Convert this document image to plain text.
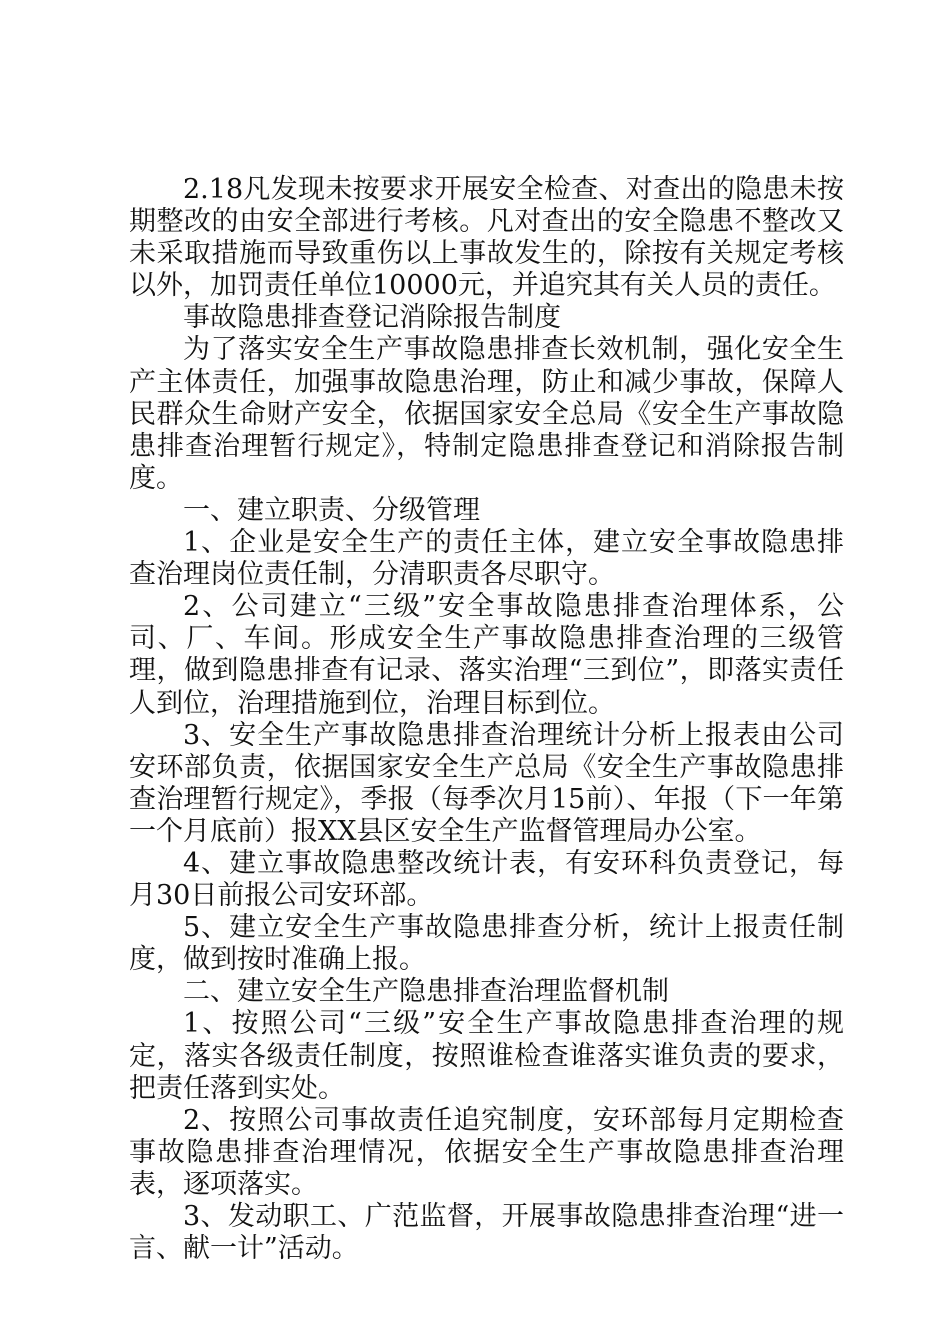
2.18凡发现未按要求开展安全检查、对查出的隐患未按期整改的由安全部进行考核。凡对查出的安全隐患不整改又未采取措施而导致重伤以上事故发生的，除按有关规定考核以外，加罚责任单位10000元，并追究其有关人员的责任。

事故隐患排查登记消除报告制度

为了落实安全生产事故隐患排查长效机制，强化安全生产主体责任，加强事故隐患治理，防止和减少事故，保障人民群众生命财产安全，依据国家安全总局《安全生产事故隐患排查治理暂行规定》，特制定隐患排查登记和消除报告制度。

一、建立职责、分级管理

1、企业是安全生产的责任主体，建立安全事故隐患排查治理岗位责任制，分清职责各尽职守。

2、公司建立“三级”安全事故隐患排查治理体系，公司、厂、车间。形成安全生产事故隐患排查治理的三级管理，做到隐患排查有记录、落实治理“三到位”，即落实责任人到位，治理措施到位，治理目标到位。

3、安全生产事故隐患排查治理统计分析上报表由公司安环部负责，依据国家安全生产总局《安全生产事故隐患排查治理暂行规定》，季报（每季次月15前）、年报（下一年第一个月底前）报XX县区安全生产监督管理局办公室。

4、建立事故隐患整改统计表，有安环科负责登记，每月30日前报公司安环部。

5、建立安全生产事故隐患排查分析，统计上报责任制度，做到按时准确上报。

二、建立安全生产隐患排查治理监督机制

1、按照公司“三级”安全生产事故隐患排查治理的规定，落实各级责任制度，按照谁检查谁落实谁负责的要求，把责任落到实处。

2、按照公司事故责任追究制度，安环部每月定期检查事故隐患排查治理情况，依据安全生产事故隐患排查治理表，逐项落实。

3、发动职工、广范监督，开展事故隐患排查治理“进一言、献一计”活动。
